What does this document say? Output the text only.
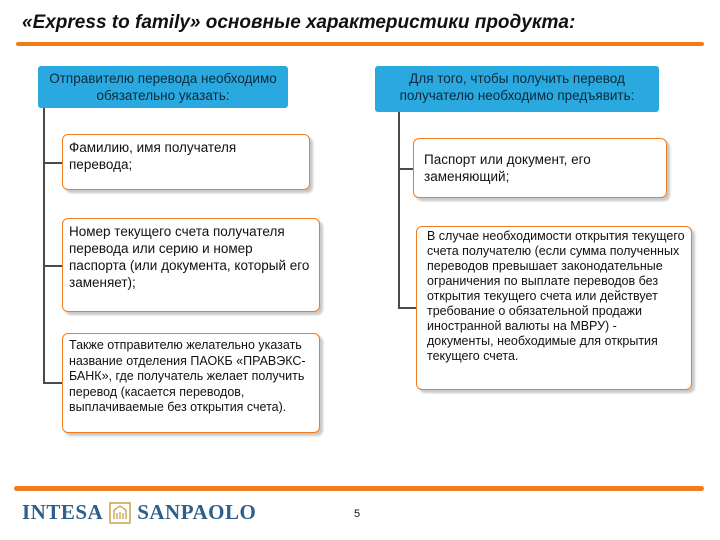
«Express to family» основные характеристики продукта:
Отправителю перевода необходимо обязательно указать:
Для того, чтобы получить перевод получателю необходимо предъявить:
Фамилию, имя получателя перевода;
Номер текущего счета получателя перевода или серию и номер паспорта (или документа, который его заменяет);
Также отправителю желательно указать название отделения ПАОКБ «ПРАВЭКС-БАНК», где получатель желает получить перевод (касается переводов, выплачиваемые без открытия счета).
Паспорт или документ, его заменяющий;
В случае необходимости открытия текущего счета получателю (если сумма полученных переводов превышает законодательные ограничения по выплате переводов без открытия текущего счета или действует требование о обязательной продажи иностранной валюты на МВРУ) - документы, необходимые для открытия текущего счета.
INTESA SANPAOLO	5
